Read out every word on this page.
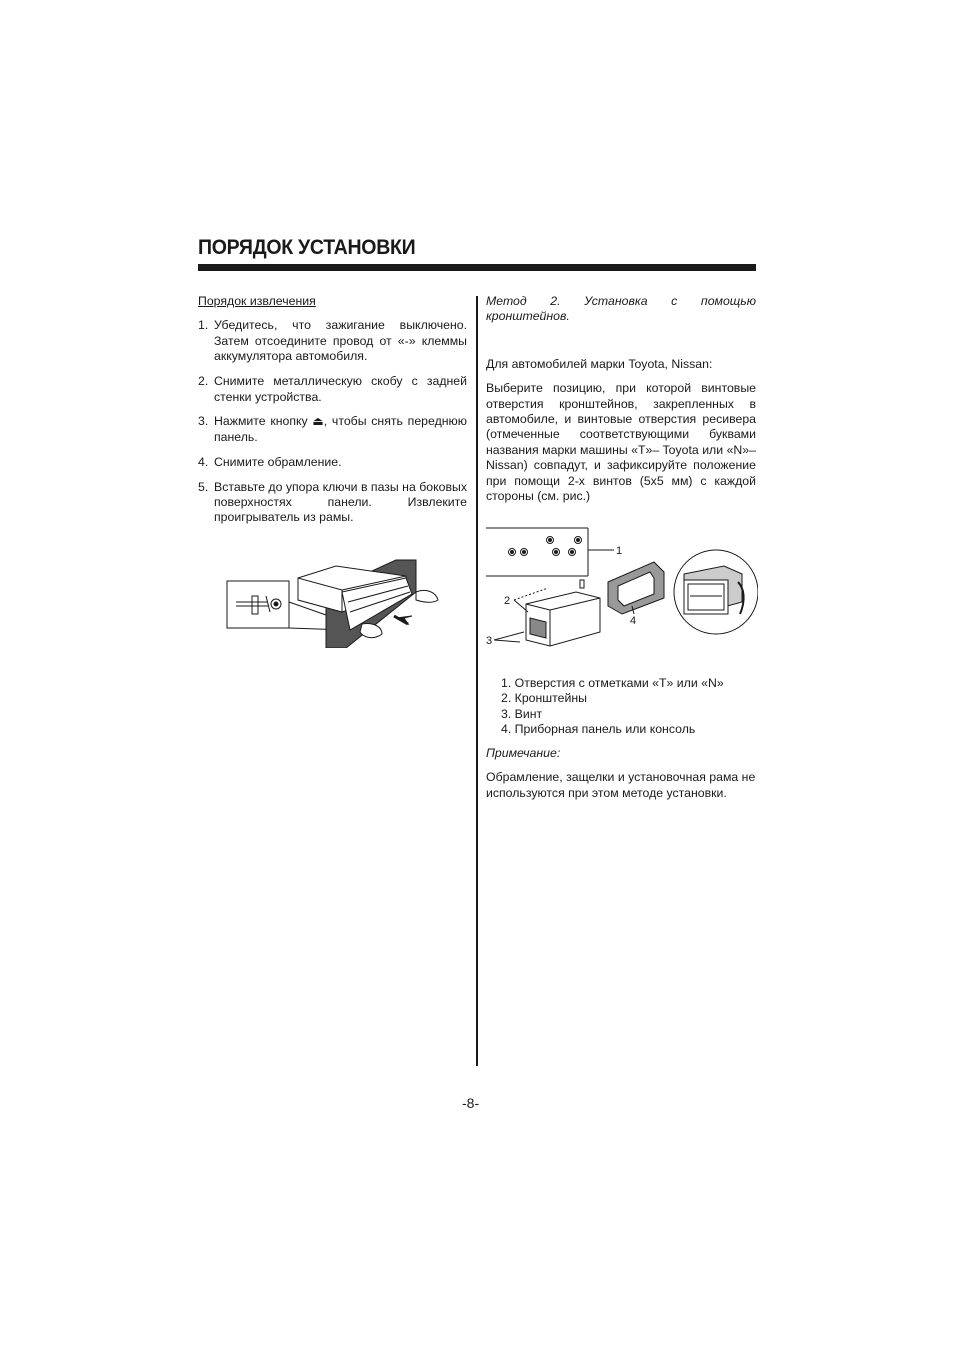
ПОРЯДОК УСТАНОВКИ

Порядок извлечения

1. Убедитесь, что зажигание выключено. Затем отсоедините провод от «-» клеммы аккумулятора автомобиля.
2. Снимите металлическую скобу с задней стенки устройства.
3. Нажмите кнопку ⏏, чтобы снять переднюю панель.
4. Снимите обрамление.
5. Вставьте до упора ключи в пазы на боковых поверхностях панели. Извлеките проигрыватель из рамы.

Метод 2. Установка с помощью кронштейнов.

Для автомобилей марки Toyota, Nissan:

Выберите позицию, при которой винтовые отверстия кронштейнов, закрепленных в автомобиле, и винтовые отверстия ресивера (отмеченные соответствующими буквами названия марки машины «T»– Toyota или «N»– Nissan) совпадут, и зафиксируйте положение при помощи 2-х винтов (5x5 мм) с каждой стороны (см. рис.)

1
2
3
4
1. Отверстия с отметками «T» или «N»
2. Кронштейны
3. Винт
4. Приборная панель или консоль

Примечание:

Обрамление, защелки и установочная рама не используются при этом методе установки.

-8-
